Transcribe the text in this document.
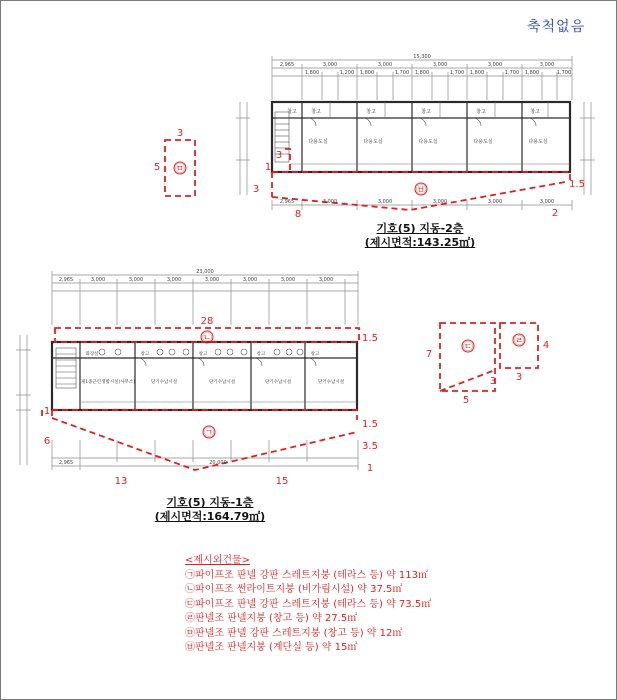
축척없음
15,300
2,965	3,000	3,000	3,000	3,000	3,000
1,800	1,200 1,800	1,700 1,800	1,700 1,800	1,700 1,800	1,700
2,965	3,000	3,000	3,000	3,000	3,000
다용도실	다용도실	다용도실	다용도실	다용도실
창고	창고	창고	창고	창고	창고
㉤
3
5
㉥
3
1
3
8	2
1.5
23,000
2,965	3,000	3,000	3,000	3,000	3,000	3,000	3,000
2,965	20,000
제1종근린생활시설(사무소)	단기수납시설	단기수납시설	단기수납시설	단기수납시설
화장실	창고	창고	창고	창고
28
㉡	1.5
㉠
1.5
3.5
1
13	15
6
1
㉢
7
5
3
㉣ 4
3
기호(5) 지동-2층
(제시면적:143.25㎡)
기호(5) 지동-1층
(제시면적:164.79㎡)
<제시외건물>
㉠파이프조 판넬 강판 스레트지붕 (테라스 등) 약 113㎡
㉡파이프조 썬라이트지붕 (비가림시설) 약 37.5㎡
㉢파이프조 판넬 강판 스레트지붕 (테라스 등) 약 73.5㎡
㉣판넬조 판넬지붕 (창고 등) 약 27.5㎡
㉤판넬조 판넬 강판 스레트지붕 (창고 등) 약 12㎡
㉥판넬조 판넬지붕 (계단실 등) 약 15㎡
